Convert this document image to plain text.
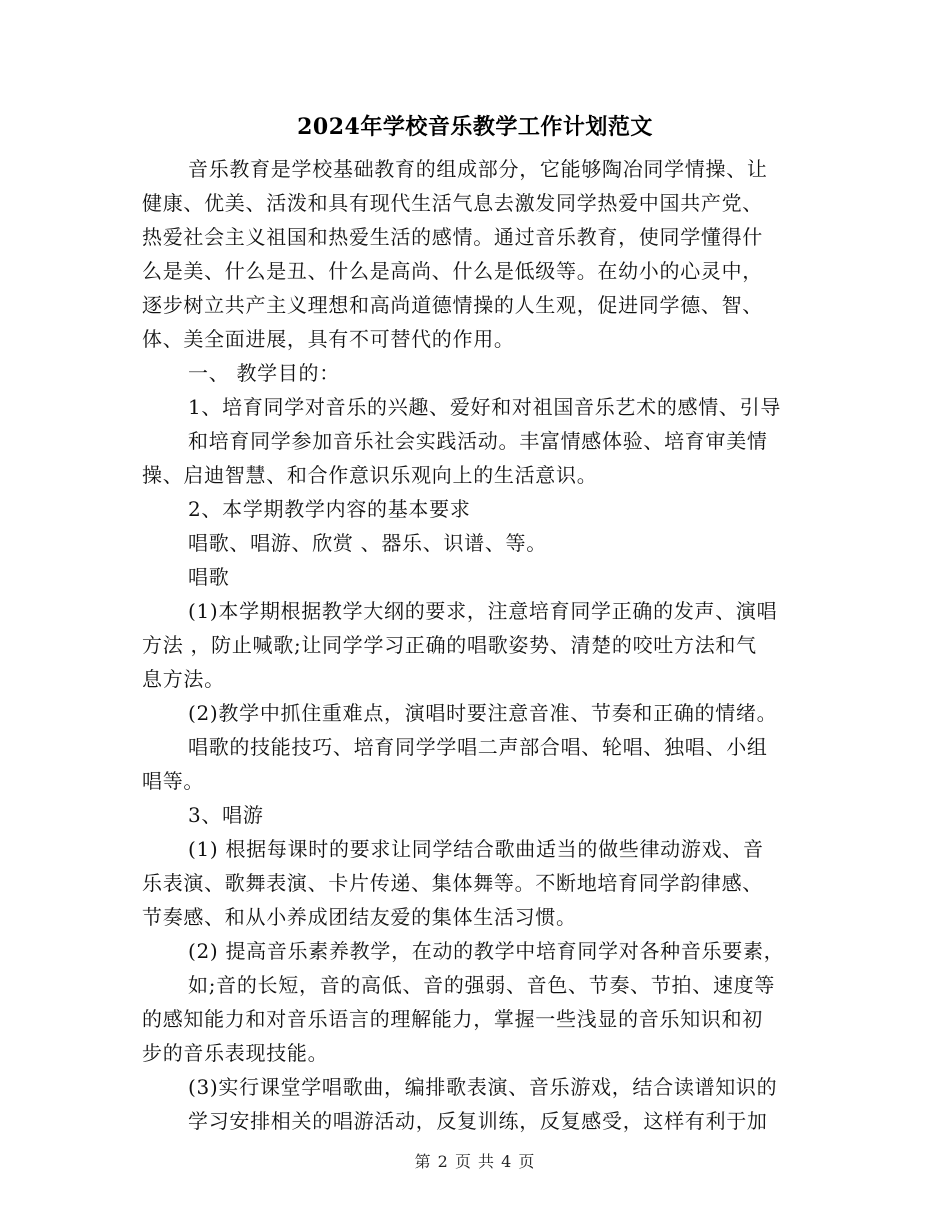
2024年学校音乐教学工作计划范文
音乐教育是学校基础教育的组成部分，它能够陶冶同学情操、让
健康、优美、活泼和具有现代生活气息去激发同学热爱中国共产党、
热爱社会主义祖国和热爱生活的感情。通过音乐教育，使同学懂得什
么是美、什么是丑、什么是高尚、什么是低级等。在幼小的心灵中，
逐步树立共产主义理想和高尚道德情操的人生观，促进同学德、智、
体、美全面进展，具有不可替代的作用。
一、 教学目的：
1、培育同学对音乐的兴趣、爱好和对祖国音乐艺术的感情、引导
和培育同学参加音乐社会实践活动。丰富情感体验、培育审美情
操、启迪智慧、和合作意识乐观向上的生活意识。
2、本学期教学内容的基本要求
唱歌、唱游、欣赏 、器乐、识谱、等。
唱歌
(1)本学期根据教学大纲的要求，注意培育同学正确的发声、演唱
方法 ，防止喊歌;让同学学习正确的唱歌姿势、清楚的咬吐方法和气
息方法。
(2)教学中抓住重难点，演唱时要注意音准、节奏和正确的情绪。
唱歌的技能技巧、培育同学学唱二声部合唱、轮唱、独唱、小组
唱等。
3、唱游
(1) 根据每课时的要求让同学结合歌曲适当的做些律动游戏、音
乐表演、歌舞表演、卡片传递、集体舞等。不断地培育同学韵律感、
节奏感、和从小养成团结友爱的集体生活习惯。
(2) 提高音乐素养教学，在动的教学中培育同学对各种音乐要素，
如;音的长短，音的高低、音的强弱、音色、节奏、节拍、速度等
的感知能力和对音乐语言的理解能力，掌握一些浅显的音乐知识和初
步的音乐表现技能。
(3)实行课堂学唱歌曲，编排歌表演、音乐游戏，结合读谱知识的
学习安排相关的唱游活动，反复训练，反复感受，这样有利于加
第 2 页 共 4 页
